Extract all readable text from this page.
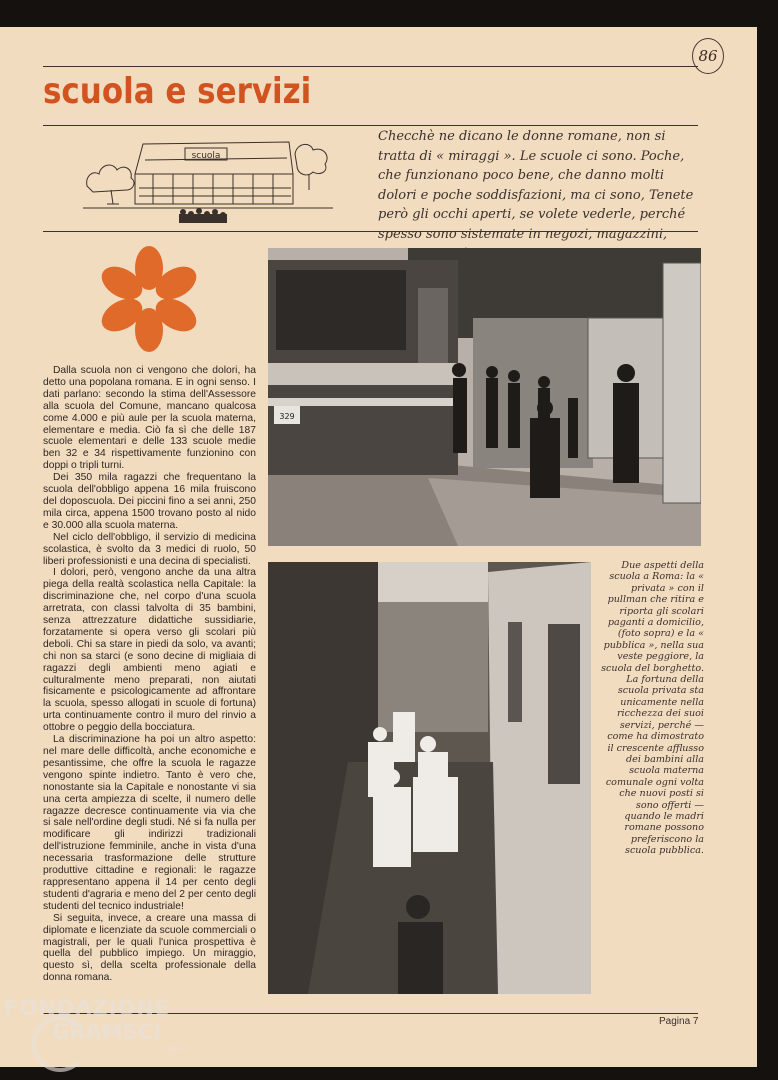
86
scuola e servizi
scuola

Checchè ne dicano le donne romane, non si tratta di « miraggi ». Le scuole ci sono. Poche, che funzionano poco bene, che danno molti dolori e poche soddisfazioni, ma ci sono, Tenete però gli occhi aperti, se volete vederle, perché spesso sono sistemate in negozi, magazzini,

Dalla scuola non ci vengono che dolori, ha detto una popolana romana. E in ogni senso. I dati parlano: secondo la stima dell'Assessore alla scuola del Comune, mancano qualcosa come 4.000 e più aule per la scuola materna, elementare e media. Ciò fa sì che delle 187 scuole elementari e delle 133 scuole medie ben 32 e 34 rispettivamente funzionino con doppi o tripli turni.

Dei 350 mila ragazzi che frequentano la scuola dell'obbligo appena 16 mila fruiscono del doposcuola. Dei piccini fino a sei anni, 250 mila circa, appena 1500 trovano posto al nido e 30.000 alla scuola materna.

Nel ciclo dell'obbligo, il servizio di medicina scolastica, è svolto da 3 medici di ruolo, 50 liberi professionisti e una decina di specialisti.

I dolori, però, vengono anche da una altra piega della realtà scolastica nella Capitale: la discriminazione che, nel corpo d'una scuola arretrata, con classi talvolta di 35 bambini, senza attrezzature didattiche sussidiarie, forzatamente si opera verso gli scolari più deboli. Chi sa stare in piedi da solo, va avanti; chi non sa starci (e sono decine di migliaia di ragazzi degli ambienti meno agiati e culturalmente meno preparati, non aiutati fisicamente e psicologicamente ad affrontare la scuola, spesso allogati in scuole di fortuna) urta continuamente contro il muro del rinvio a ottobre o peggio della bocciatura.

La discriminazione ha poi un altro aspetto: nel mare delle difficoltà, anche economiche e pesantissime, che offre la scuola le ragazze vengono spinte indietro. Tanto è vero che, nonostante sia la Capitale e nonostante vi sia una certa ampiezza di scelte, il numero delle ragazze decresce continuamente via via che si sale nell'ordine degli studi. Né si fa nulla per modificare gli indirizzi tradizionali dell'istruzione femminile, anche in vista d'una necessaria trasformazione delle strutture produttive cittadine e regionali: le ragazze rappresentano appena il 14 per cento degli studenti d'agraria e meno del 2 per cento degli studenti del tecnico industriale!

Si seguita, invece, a creare una massa di diplomate e licenziate da scuole commerciali o magistrali, per le quali l'unica prospettiva è quella del pubblico impiego. Un miraggio, questo sì, della scelta professionale della donna romana.

329
Due aspetti della scuola a Roma: la « privata » con il pullman che ritira e riporta gli scolari paganti a domicilio, (foto sopra) e la « pubblica », nella sua veste peggiore, la scuola del borghetto. La fortuna della scuola privata sta unicamente nella ricchezza dei suoi servizi, perché — come ha dimostrato il crescente afflusso dei bambini alla scuola materna comunale ogni volta che nuovi posti si sono offerti — quando le madri romane possono preferiscono la scuola pubblica.
Pagina 7
FONDAZIONE
GRAMSCI
onlus
